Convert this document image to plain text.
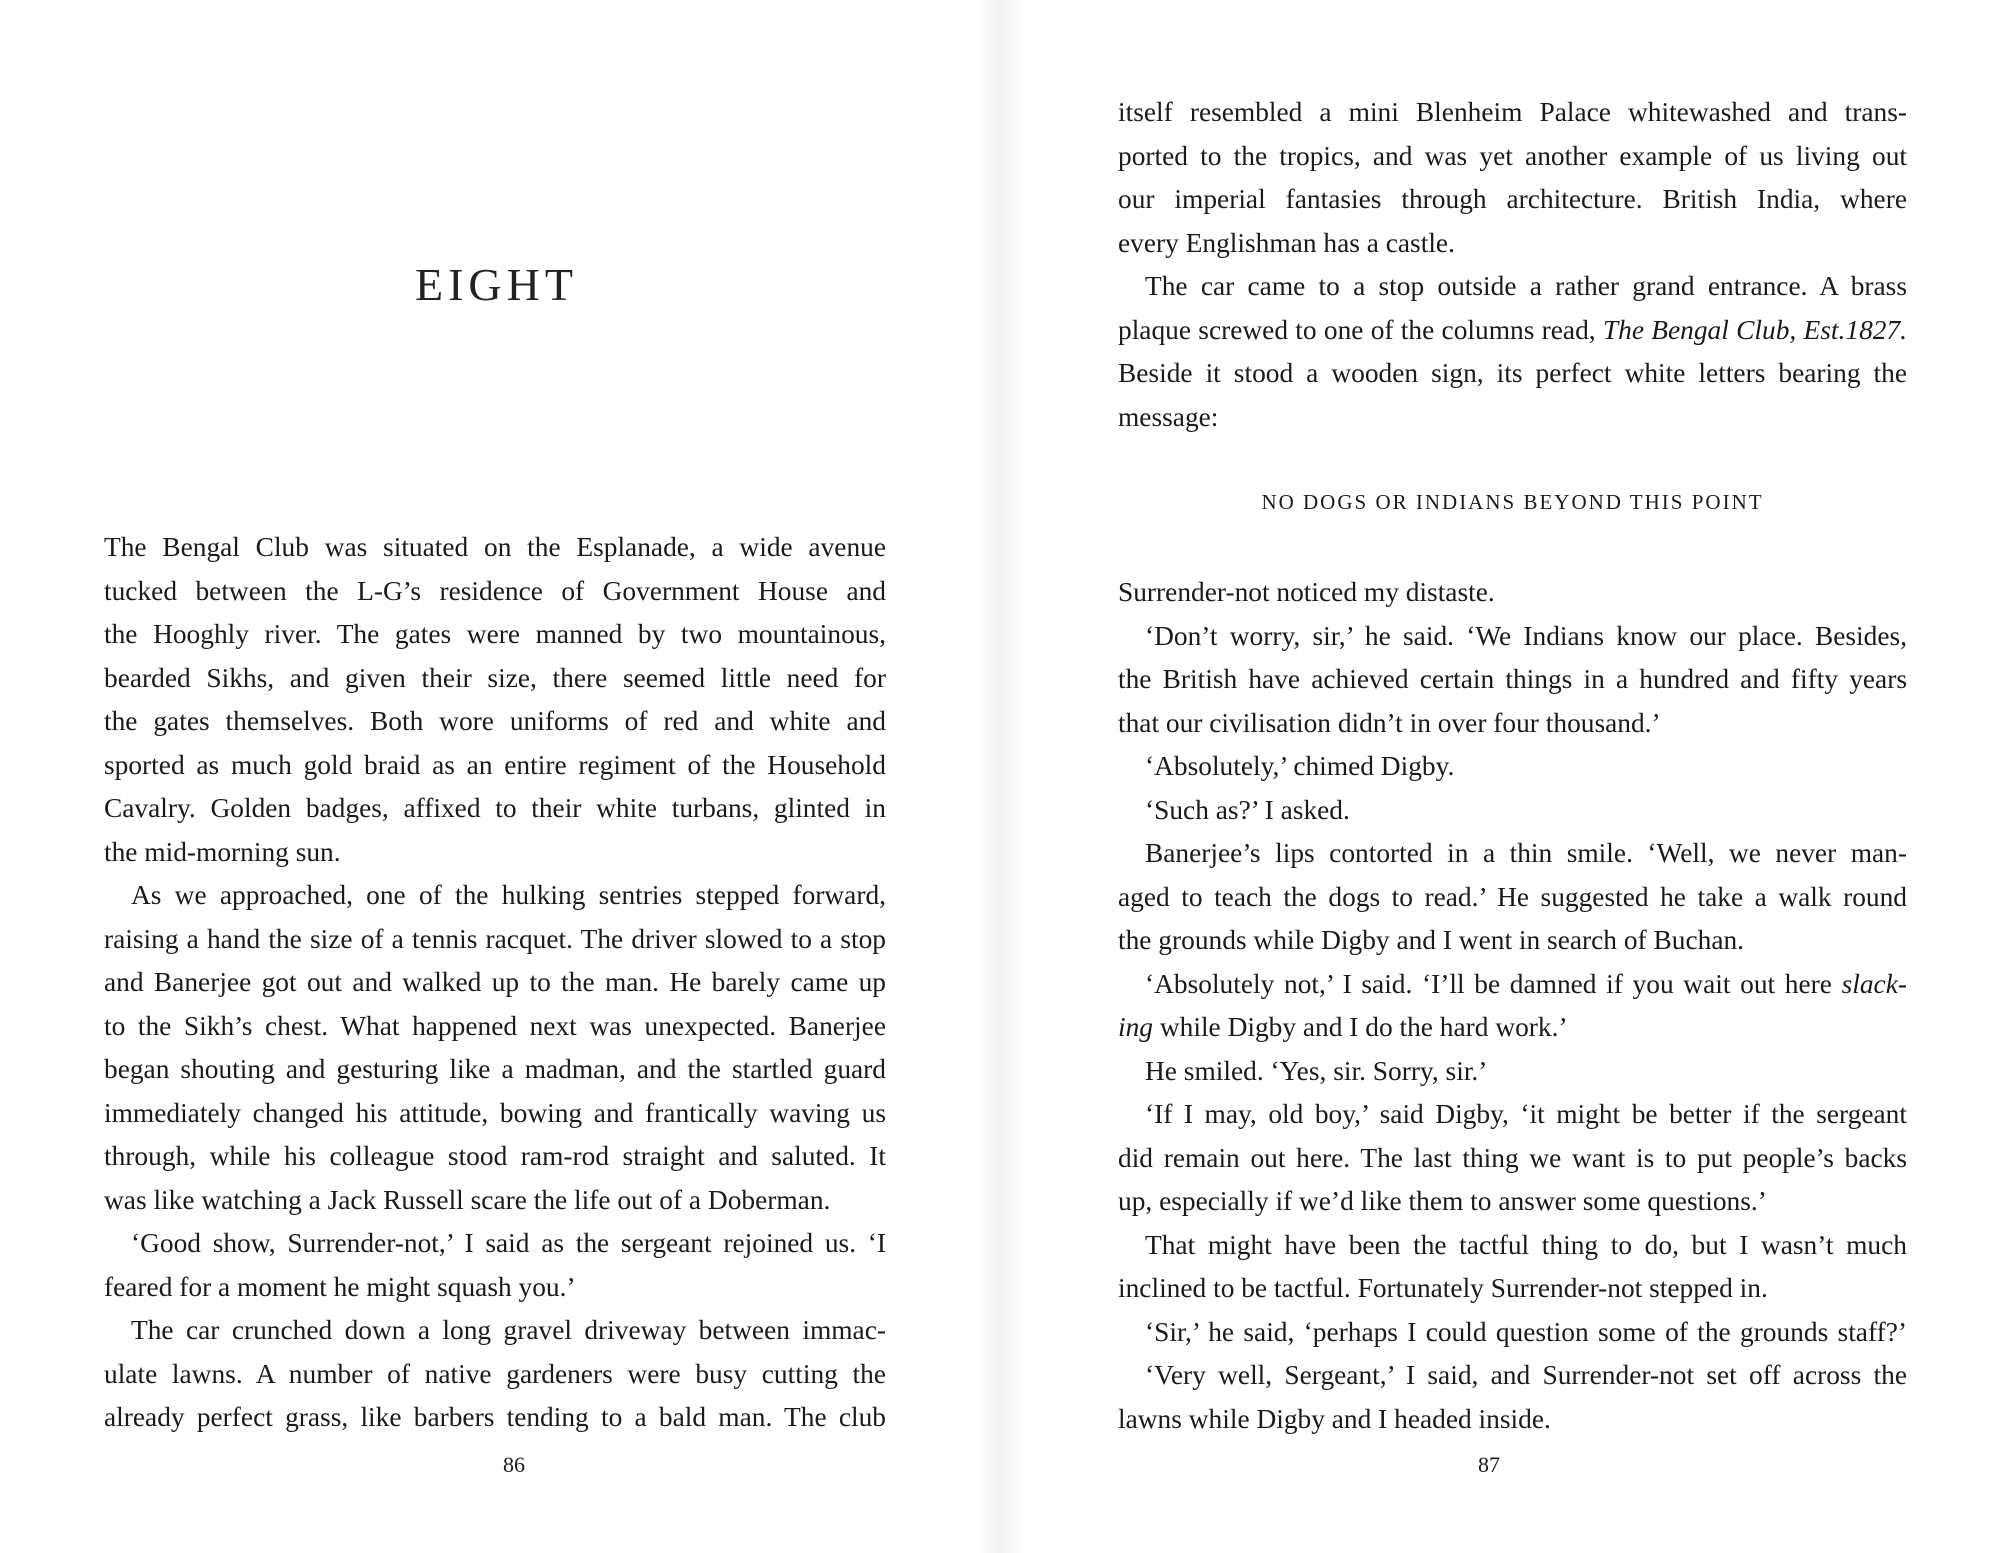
EIGHT
The Bengal Club was situated on the Esplanade, a wide avenue
tucked between the L-G’s residence of Government House and
the Hooghly river. The gates were manned by two mountainous,
bearded Sikhs, and given their size, there seemed little need for
the gates themselves. Both wore uniforms of red and white and
sported as much gold braid as an entire regiment of the Household
Cavalry. Golden badges, affixed to their white turbans, glinted in
the mid-morning sun.
As we approached, one of the hulking sentries stepped forward,
raising a hand the size of a tennis racquet. The driver slowed to a stop
and Banerjee got out and walked up to the man. He barely came up
to the Sikh’s chest. What happened next was unexpected. Banerjee
began shouting and gesturing like a madman, and the startled guard
immediately changed his attitude, bowing and frantically waving us
through, while his colleague stood ram-rod straight and saluted. It
was like watching a Jack Russell scare the life out of a Doberman.
‘Good show, Surrender-not,’ I said as the sergeant rejoined us. ‘I
feared for a moment he might squash you.’
The car crunched down a long gravel driveway between immac-
ulate lawns. A number of native gardeners were busy cutting the
already perfect grass, like barbers tending to a bald man. The club
86
itself resembled a mini Blenheim Palace whitewashed and trans-
ported to the tropics, and was yet another example of us living out
our imperial fantasies through architecture. British India, where
every Englishman has a castle.
The car came to a stop outside a rather grand entrance. A brass
plaque screwed to one of the columns read, The Bengal Club, Est.1827.
Beside it stood a wooden sign, its perfect white letters bearing the
message:
NO DOGS OR INDIANS BEYOND THIS POINT
Surrender-not noticed my distaste.
‘Don’t worry, sir,’ he said. ‘We Indians know our place. Besides,
the British have achieved certain things in a hundred and fifty years
that our civilisation didn’t in over four thousand.’
‘Absolutely,’ chimed Digby.
‘Such as?’ I asked.
Banerjee’s lips contorted in a thin smile. ‘Well, we never man-
aged to teach the dogs to read.’ He suggested he take a walk round
the grounds while Digby and I went in search of Buchan.
‘Absolutely not,’ I said. ‘I’ll be damned if you wait out here slack-
ing while Digby and I do the hard work.’
He smiled. ‘Yes, sir. Sorry, sir.’
‘If I may, old boy,’ said Digby, ‘it might be better if the sergeant
did remain out here. The last thing we want is to put people’s backs
up, especially if we’d like them to answer some questions.’
That might have been the tactful thing to do, but I wasn’t much
inclined to be tactful. Fortunately Surrender-not stepped in.
‘Sir,’ he said, ‘perhaps I could question some of the grounds staff?’
‘Very well, Sergeant,’ I said, and Surrender-not set off across the
lawns while Digby and I headed inside.
87
